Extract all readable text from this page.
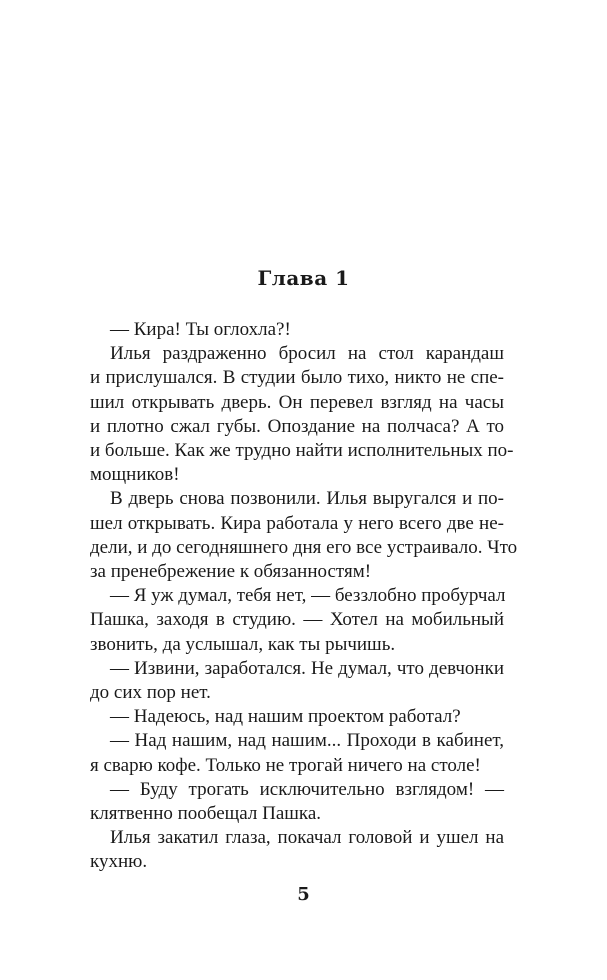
Глава 1
— Кира! Ты оглохла?!
Илья раздраженно бросил на стол карандаш
и прислушался. В студии было тихо, никто не спе-
шил открывать дверь. Он перевел взгляд на часы
и плотно сжал губы. Опоздание на полчаса? А то
и больше. Как же трудно найти исполнительных по-
мощников!
В дверь снова позвонили. Илья выругался и по-
шел открывать. Кира работала у него всего две не-
дели, и до сегодняшнего дня его все устраивало. Что
за пренебрежение к обязанностям!
— Я уж думал, тебя нет, — беззлобно пробурчал
Пашка, заходя в студию. — Хотел на мобильный
звонить, да услышал, как ты рычишь.
— Извини, заработался. Не думал, что девчонки
до сих пор нет.
— Надеюсь, над нашим проектом работал?
— Над нашим, над нашим... Проходи в кабинет,
я сварю кофе. Только не трогай ничего на столе!
— Буду трогать исключительно взглядом! —
клятвенно пообещал Пашка.
Илья закатил глаза, покачал головой и ушел на
кухню.
5
